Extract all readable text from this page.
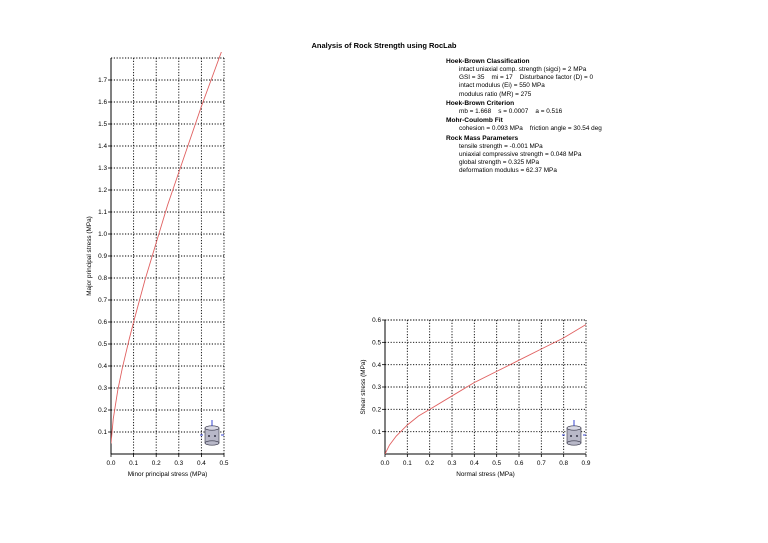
Analysis of Rock Strength using RocLab
Hoek-Brown Classification
intact uniaxial comp. strength (sigci) = 2 MPa
GSI = 35    mi = 17    Disturbance factor (D) = 0
intact modulus (Ei) = 550 MPa
modulus ratio (MR) = 275
Hoek-Brown Criterion
mb = 1.668    s = 0.0007    a = 0.516
Mohr-Coulomb Fit
cohesion = 0.093 MPa    friction angle = 30.54 deg
Rock Mass Parameters
tensile strength = -0.001 MPa
uniaxial compressive strength = 0.048 MPa
global strength = 0.325 MPa
deformation modulus = 62.37 MPa
0.0 0.1 0.2 0.3 0.4 0.5
0.1
0.2
0.3
0.4
0.5
0.6
0.7
0.8
0.9
1.0
1.1
1.2
1.3
1.4
1.5
1.6
1.7
Minor principal stress (MPa)
Major principal stress (MPa)
0.0 0.1 0.2 0.3 0.4 0.5 0.6 0.7 0.8 0.9
0.1
0.2
0.3
0.4
0.5
0.6
Normal stress (MPa)
Shear stress (MPa)
